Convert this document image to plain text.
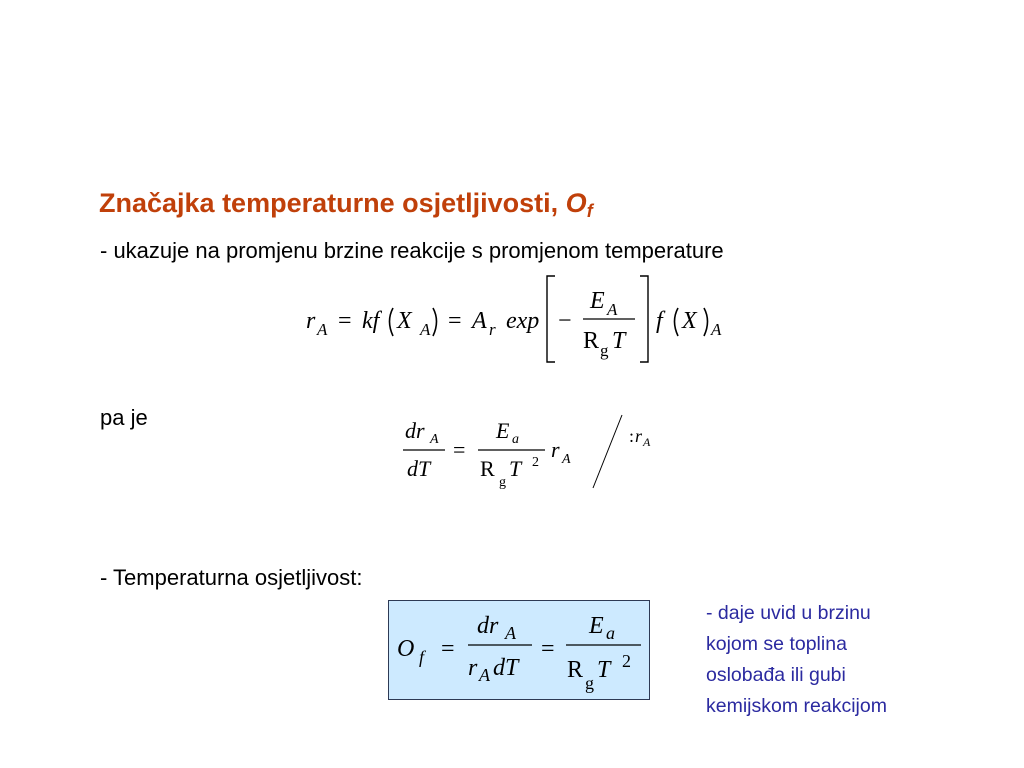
Značajka temperaturne osjetljivosti, $O_f$
- ukazuje na promjenu brzine reakcije s promjenom temperature
r A = kf X A = A r exp −
E A
R g T
f X A
pa je
dr A
dT
=
E a
R
g
T 2
r A
: r A
- Temperaturna osjetljivost:
O f =
dr A
r A dT
=
E a
R g T 2
- daje uvid u brzinu
kojom se toplina
oslobađa ili gubi
kemijskom reakcijom
